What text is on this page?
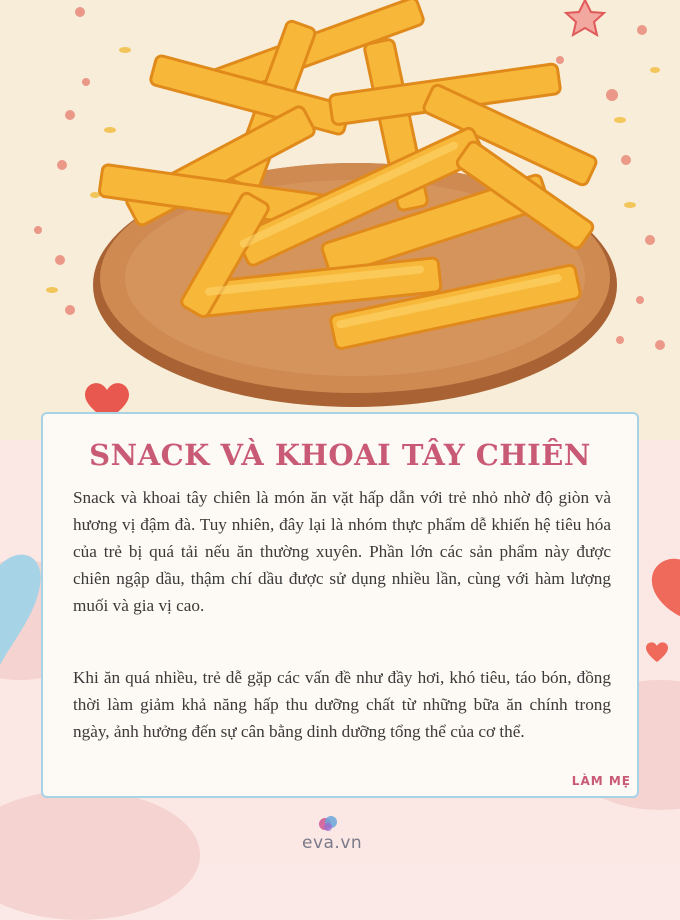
SNACK VÀ KHOAI TÂY CHIÊN
Snack và khoai tây chiên là món ăn vặt hấp dẫn với trẻ nhỏ nhờ độ giòn và hương vị đậm đà. Tuy nhiên, đây lại là nhóm thực phẩm dễ khiến hệ tiêu hóa của trẻ bị quá tải nếu ăn thường xuyên. Phần lớn các sản phẩm này được chiên ngập dầu, thậm chí dầu được sử dụng nhiều lần, cùng với hàm lượng muối và gia vị cao.
Khi ăn quá nhiều, trẻ dễ gặp các vấn đề như đầy hơi, khó tiêu, táo bón, đồng thời làm giảm khả năng hấp thu dưỡng chất từ những bữa ăn chính trong ngày, ảnh hưởng đến sự cân bằng dinh dưỡng tổng thể của cơ thể.
LÀM MẸ
eva.vn
